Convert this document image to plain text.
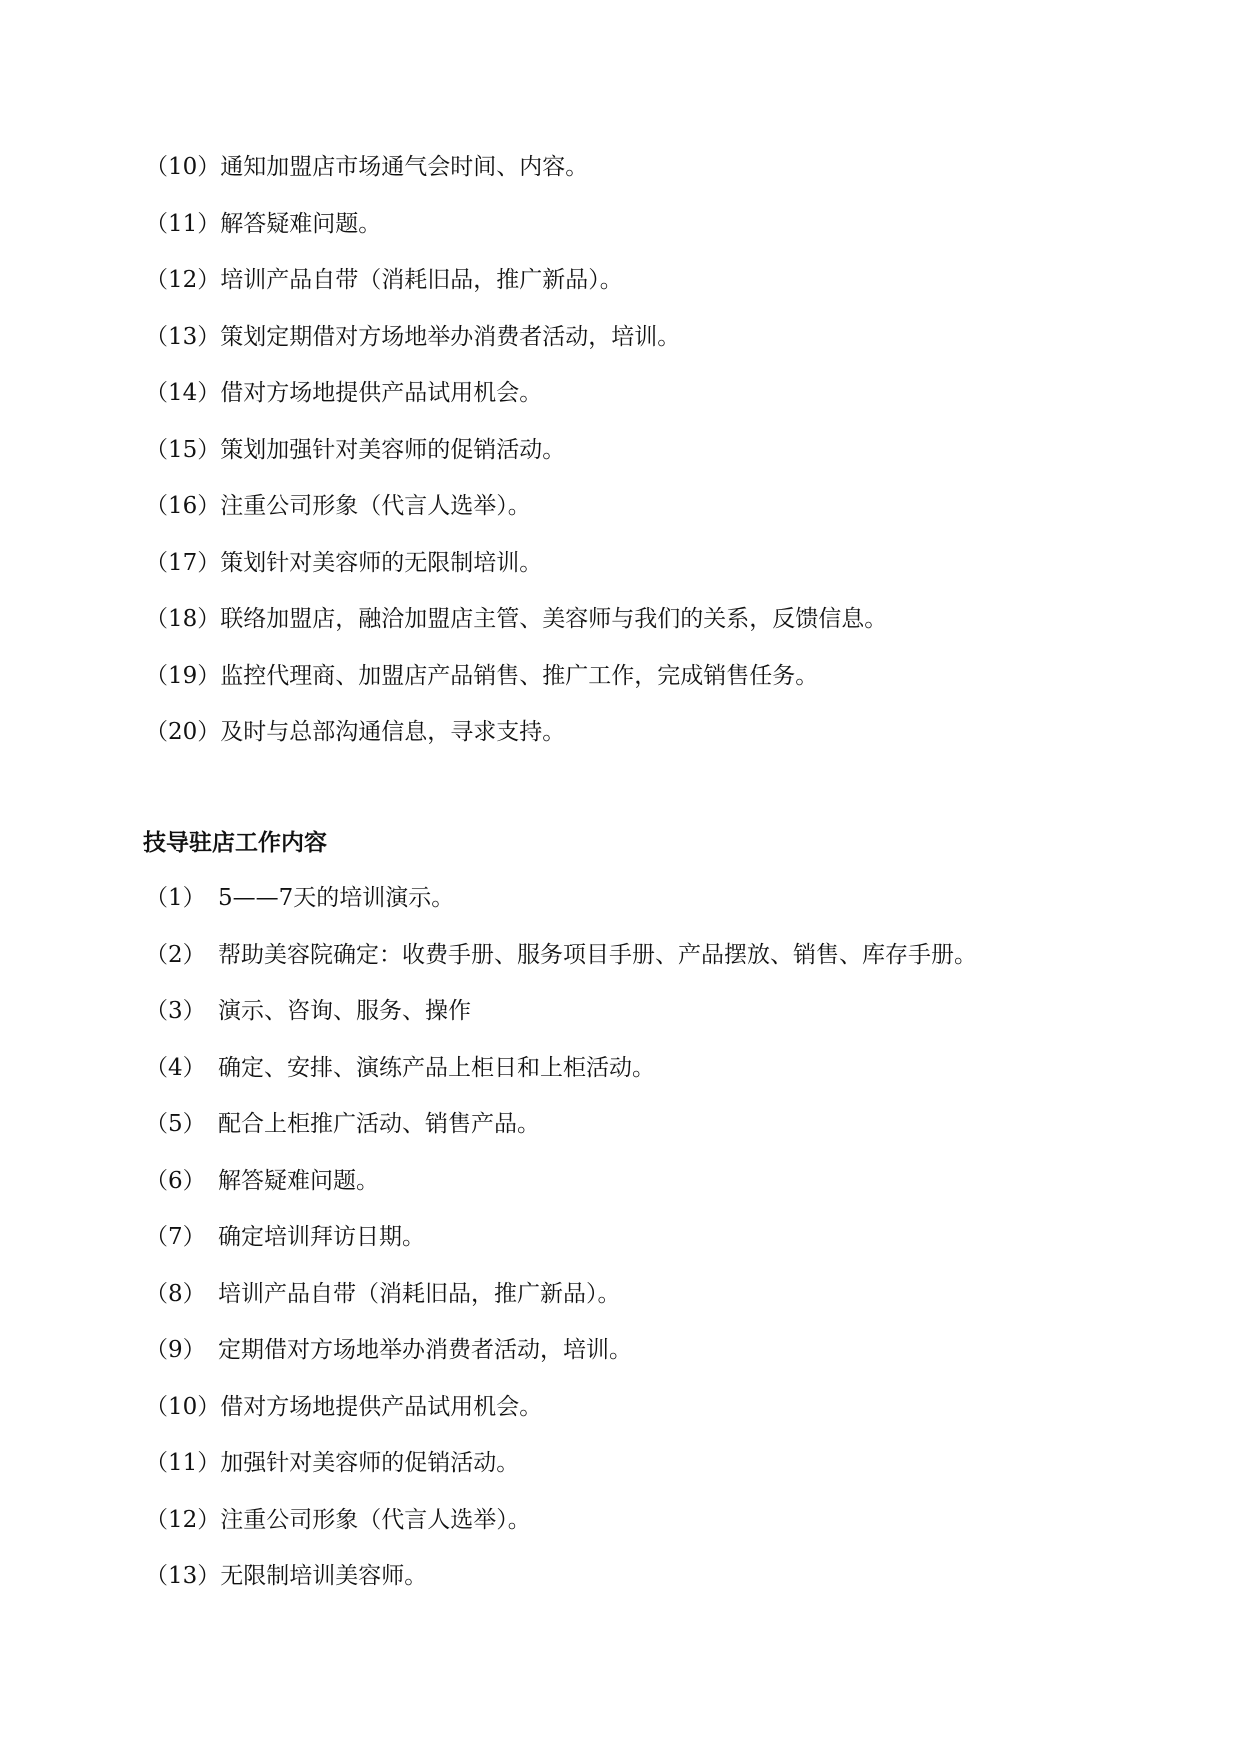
（10） 通知加盟店市场通气会时间、内容。
（11） 解答疑难问题。
（12） 培训产品自带（消耗旧品，推广新品）。
（13） 策划定期借对方场地举办消费者活动，培训。
（14） 借对方场地提供产品试用机会。
（15） 策划加强针对美容师的促销活动。
（16） 注重公司形象（代言人选举）。
（17） 策划针对美容师的无限制培训。
（18） 联络加盟店，融洽加盟店主管、美容师与我们的关系，反馈信息。
（19） 监控代理商、加盟店产品销售、推广工作，完成销售任务。
（20） 及时与总部沟通信息，寻求支持。
技导驻店工作内容
（1） 5——7天的培训演示。
（2） 帮助美容院确定：收费手册、服务项目手册、产品摆放、销售、库存手册。
（3） 演示、咨询、服务、操作
（4） 确定、安排、演练产品上柜日和上柜活动。
（5） 配合上柜推广活动、销售产品。
（6） 解答疑难问题。
（7） 确定培训拜访日期。
（8） 培训产品自带（消耗旧品，推广新品）。
（9） 定期借对方场地举办消费者活动，培训。
（10） 借对方场地提供产品试用机会。
（11） 加强针对美容师的促销活动。
（12） 注重公司形象（代言人选举）。
（13） 无限制培训美容师。
